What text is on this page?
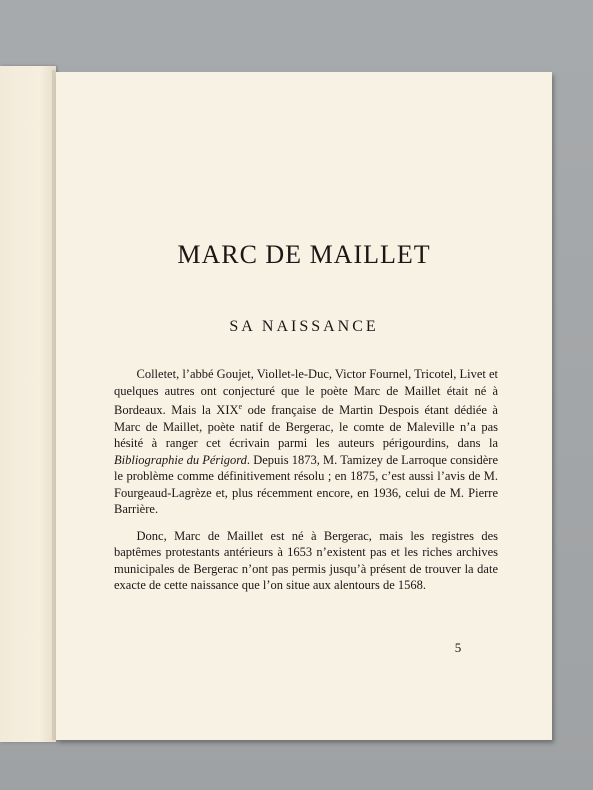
MARC DE MAILLET
SA NAISSANCE

Colletet, l’abbé Goujet, Viollet-le-Duc, Victor Fournel, Tricotel, Livet et quelques autres ont conjecturé que le poète Marc de Maillet était né à Bordeaux. Mais la XIXe ode française de Martin Despois étant dédiée à Marc de Maillet, poète natif de Bergerac, le comte de Maleville n’a pas hésité à ranger cet écrivain parmi les auteurs périgourdins, dans la Bibliographie du Périgord. Depuis 1873, M. Tamizey de Larroque considère le problème comme définitivement résolu ; en 1875, c’est aussi l’avis de M. Fourgeaud-Lagrèze et, plus récemment encore, en 1936, celui de M. Pierre Barrière.

Donc, Marc de Maillet est né à Bergerac, mais les registres des baptêmes protestants antérieurs à 1653 n’existent pas et les riches archives municipales de Bergerac n’ont pas permis jusqu’à présent de trouver la date exacte de cette naissance que l’on situe aux alentours de 1568.

5
